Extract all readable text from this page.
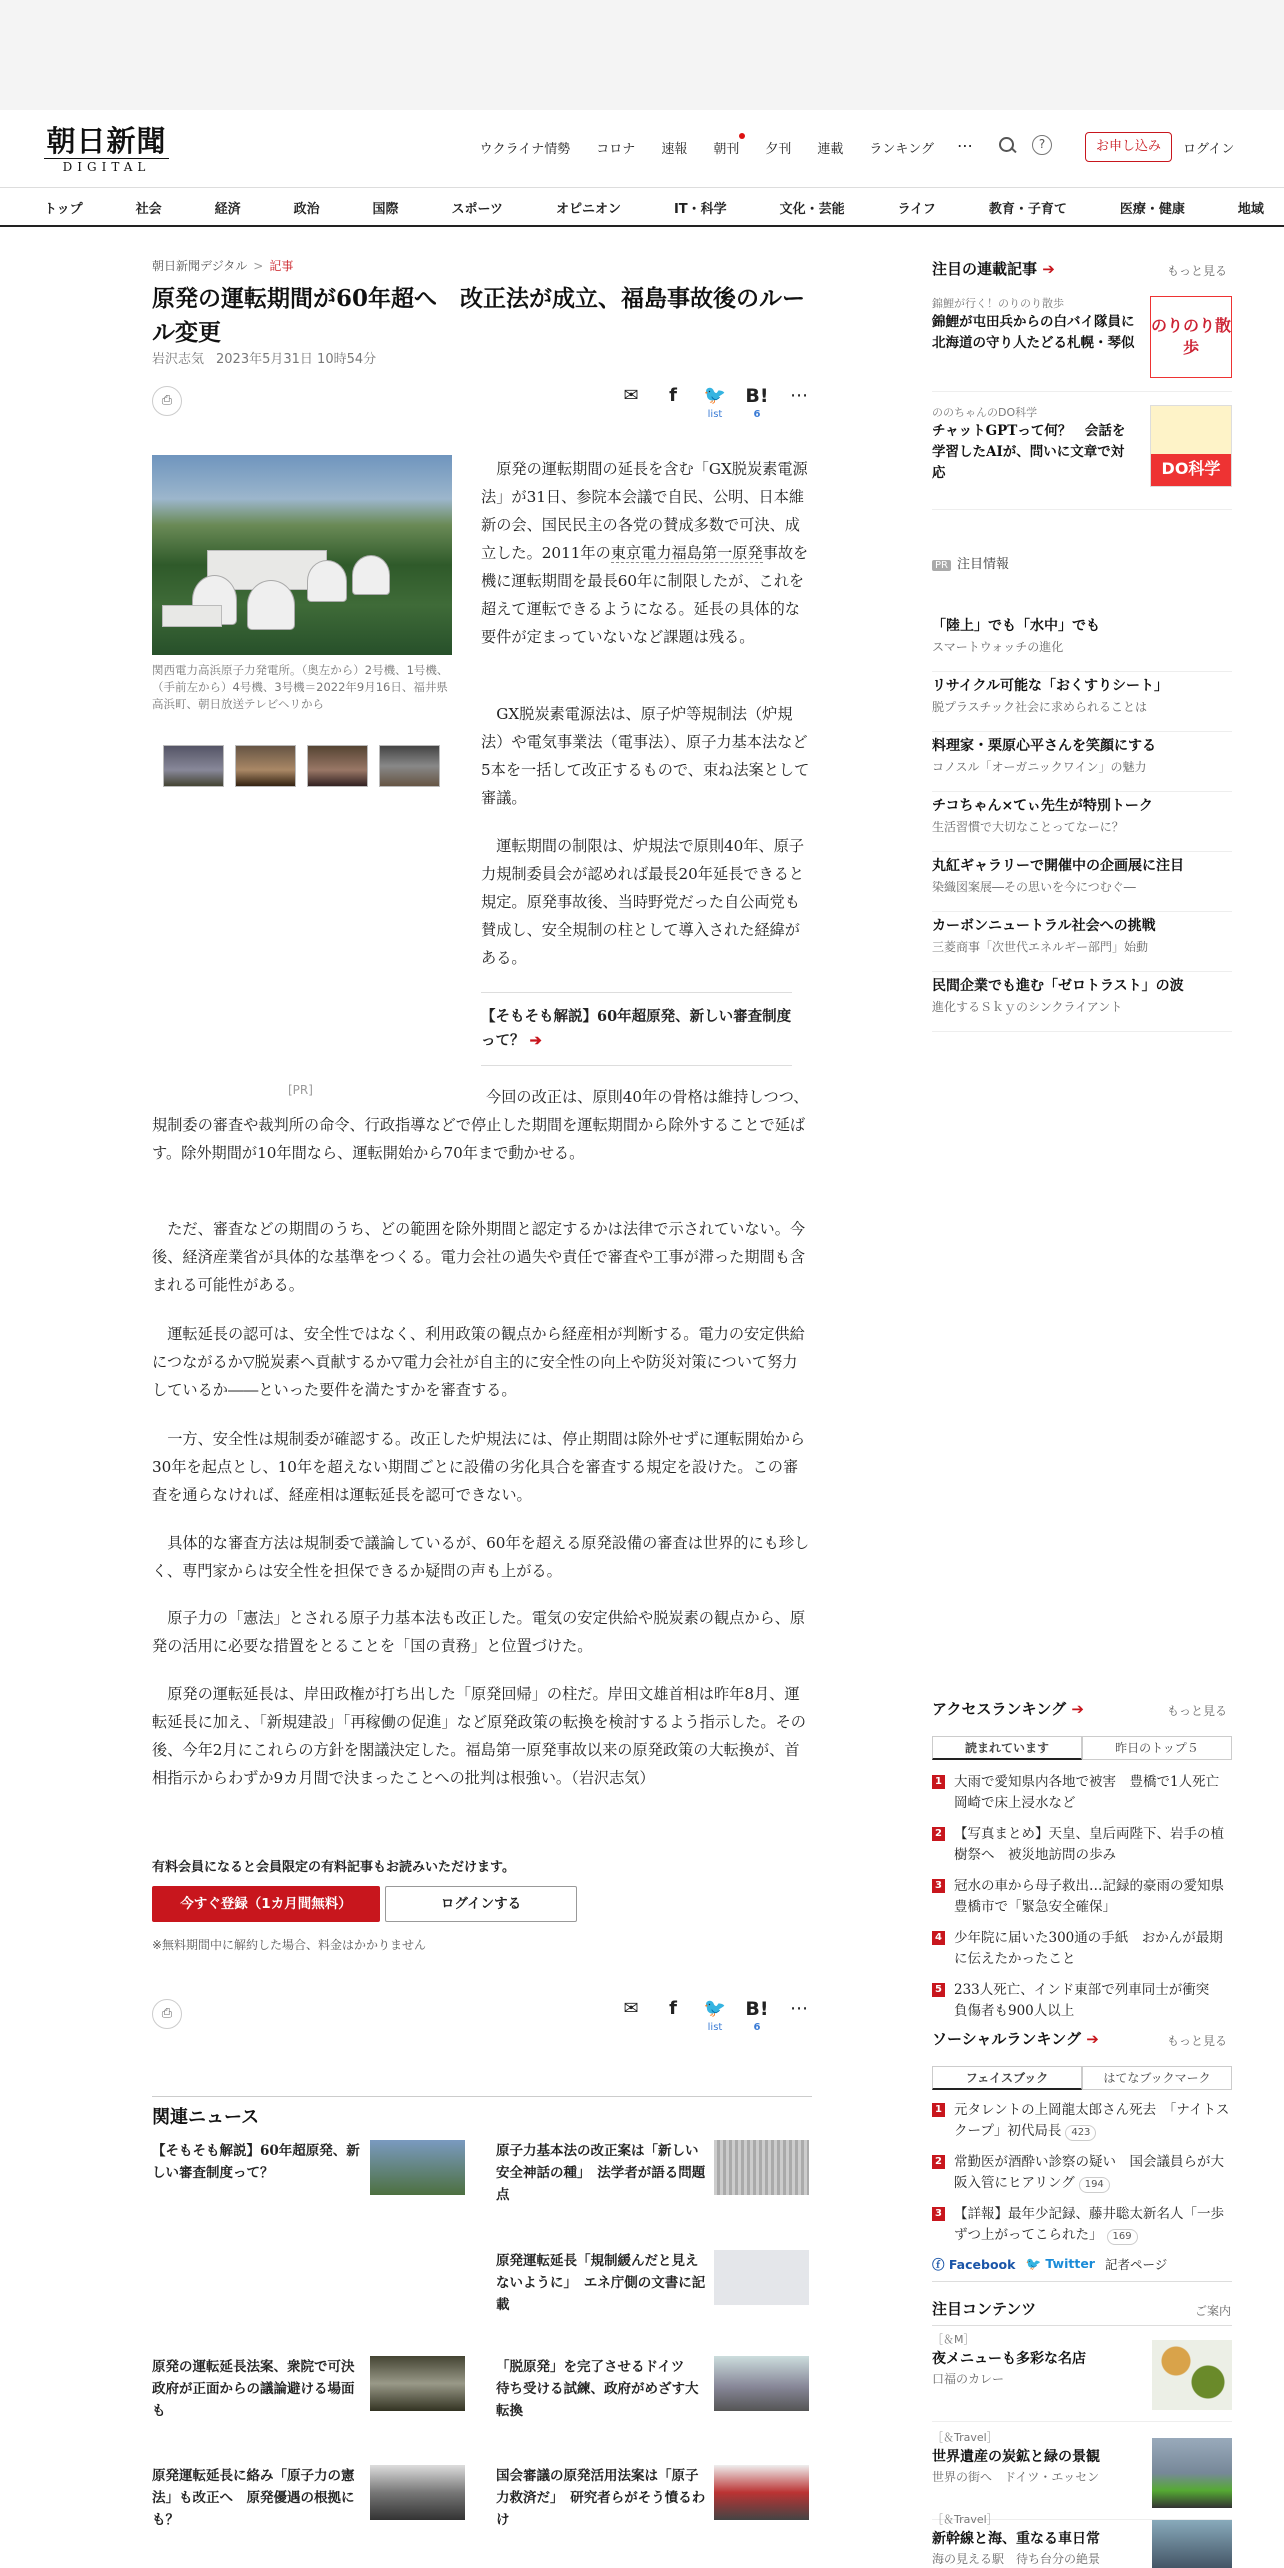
朝日新聞
DIGITAL
ウクライナ情勢 コロナ 速報 朝刊 夕刊 連載 ランキング ⋯	?	お申し込み	ログイン
トップ	社会	経済	政治	国際	スポーツ	オピニオン	IT・科学	文化・芸能	ライフ	教育・子育て	医療・健康	地域
朝日新聞デジタル > 記事
原発の運転期間が60年超へ　改正法が成立、福島事故後のルール変更
岩沢志気 2023年5月31日 10時54分
⎙	✉	f	🐦
list
B!
6
⋯
関西電力高浜原子力発電所。（奥左から）2号機、1号機、（手前左から）4号機、3号機＝2022年9月16日、福井県高浜町、朝日放送テレビヘリから
[PR]
原発の運転期間の延長を含む「GX脱炭素電源法」が31日、参院本会議で自民、公明、日本維新の会、国民民主の各党の賛成多数で可決、成立した。2011年の東京電力福島第一原発事故を機に運転期間を最長60年に制限したが、これを超えて運転できるようになる。延長の具体的な要件が定まっていないなど課題は残る。
GX脱炭素電源法は、原子炉等規制法（炉規法）や電気事業法（電事法）、原子力基本法など5本を一括して改正するもので、束ね法案として審議。
運転期間の制限は、炉規法で原則40年、原子力規制委員会が認めれば最長20年延長できると規定。原発事故後、当時野党だった自公両党も賛成し、安全規制の柱として導入された経緯がある。
【そもそも解説】60年超原発、新しい審査制度って？ ➔
今回の改正は、原則40年の骨格は維持しつつ、規制委の審査や裁判所の命令、行政指導などで停止した期間を運転期間から除外することで延ばす。除外期間が10年間なら、運転開始から70年まで動かせる。
ただ、審査などの期間のうち、どの範囲を除外期間と認定するかは法律で示されていない。今後、経済産業省が具体的な基準をつくる。電力会社の過失や責任で審査や工事が滞った期間も含まれる可能性がある。
運転延長の認可は、安全性ではなく、利用政策の観点から経産相が判断する。電力の安定供給につながるか▽脱炭素へ貢献するか▽電力会社が自主的に安全性の向上や防災対策について努力しているか――といった要件を満たすかを審査する。
一方、安全性は規制委が確認する。改正した炉規法には、停止期間は除外せずに運転開始から30年を起点とし、10年を超えない期間ごとに設備の劣化具合を審査する規定を設けた。この審査を通らなければ、経産相は運転延長を認可できない。
具体的な審査方法は規制委で議論しているが、60年を超える原発設備の審査は世界的にも珍しく、専門家からは安全性を担保できるか疑問の声も上がる。
原子力の「憲法」とされる原子力基本法も改正した。電気の安定供給や脱炭素の観点から、原発の活用に必要な措置をとることを「国の責務」と位置づけた。
原発の運転延長は、岸田政権が打ち出した「原発回帰」の柱だ。岸田文雄首相は昨年8月、運転延長に加え、「新規建設」「再稼働の促進」など原発政策の転換を検討するよう指示した。その後、今年2月にこれらの方針を閣議決定した。福島第一原発事故以来の原発政策の大転換が、首相指示からわずか9カ月間で決まったことへの批判は根強い。（岩沢志気）
有料会員になると会員限定の有料記事もお読みいただけます。
今すぐ登録（1カ月間無料）	ログインする
※無料期間中に解約した場合、料金はかかりません
⎙	✉	f	🐦
list
B!
6
⋯
関連ニュース
【そもそも解説】60年超原発、新しい審査制度って？
原子力基本法の改正案は「新しい安全神話の種」　法学者が語る問題点
原発運転延長「規制緩んだと見えないように」　エネ庁側の文書に記載
原発の運転延長法案、衆院で可決　政府が正面からの議論避ける場面も
「脱原発」を完了させるドイツ　待ち受ける試練、政府がめざす大転換
原発運転延長に絡み「原子力の憲法」も改正へ　原発優遇の根拠にも？
国会審議の原発活用法案は「原子力救済だ」　研究者らがそう憤るわけ
注目の連載記事 ➔	もっと見る
錦鯉が行く！のりのり散歩
錦鯉が屯田兵からの白バイ隊員に　北海道の守り人たどる札幌・琴似
のりのり散歩
ののちゃんのDO科学
チャットGPTって何？　会話を学習したAIが、問いに文章で対応	DO科学
PR 注目情報
「陸上」でも「水中」でも
スマートウォッチの進化
リサイクル可能な「おくすりシート」
脱プラスチック社会に求められることは
料理家・栗原心平さんを笑顔にする
コノスル「オーガニックワイン」の魅力
チコちゃん×てぃ先生が特別トーク
生活習慣で大切なことってなーに？
丸紅ギャラリーで開催中の企画展に注目
染織図案展―その思いを今につむぐ―
カーボンニュートラル社会への挑戦
三菱商事「次世代エネルギー部門」始動
民間企業でも進む「ゼロトラスト」の波
進化するＳｋｙのシンクライアント
アクセスランキング ➔	もっと見る
読まれています	昨日のトップ５
1 大雨で愛知県内各地で被害　豊橋で1人死亡　岡崎で床上浸水など
2 【写真まとめ】天皇、皇后両陛下、岩手の植樹祭へ　被災地訪問の歩み
3 冠水の車から母子救出…記録的豪雨の愛知県豊橋市で「緊急安全確保」
4 少年院に届いた300通の手紙　おかんが最期に伝えたかったこと
5 233人死亡、インド東部で列車同士が衝突　負傷者も900人以上
ソーシャルランキング ➔	もっと見る
フェイスブック	はてなブックマーク
1 元タレントの上岡龍太郎さん死去　「ナイトスクープ」初代局長 423
2 常勤医が酒酔い診察の疑い　国会議員らが大阪入管にヒアリング 194
3 【詳報】最年少記録、藤井聡太新名人「一歩ずつ上がってこられた」 169
ⓕ Facebook 🐦 Twitter 記者ページ
注目コンテンツ	ご案内
［＆M］
夜メニューも多彩な名店
口福のカレー
［＆Travel］
世界遺産の炭鉱と緑の景観
世界の街へ　ドイツ・エッセン
［＆Travel］
新幹線と海、重なる車日常
海の見える駅　待ち台分の絶景
